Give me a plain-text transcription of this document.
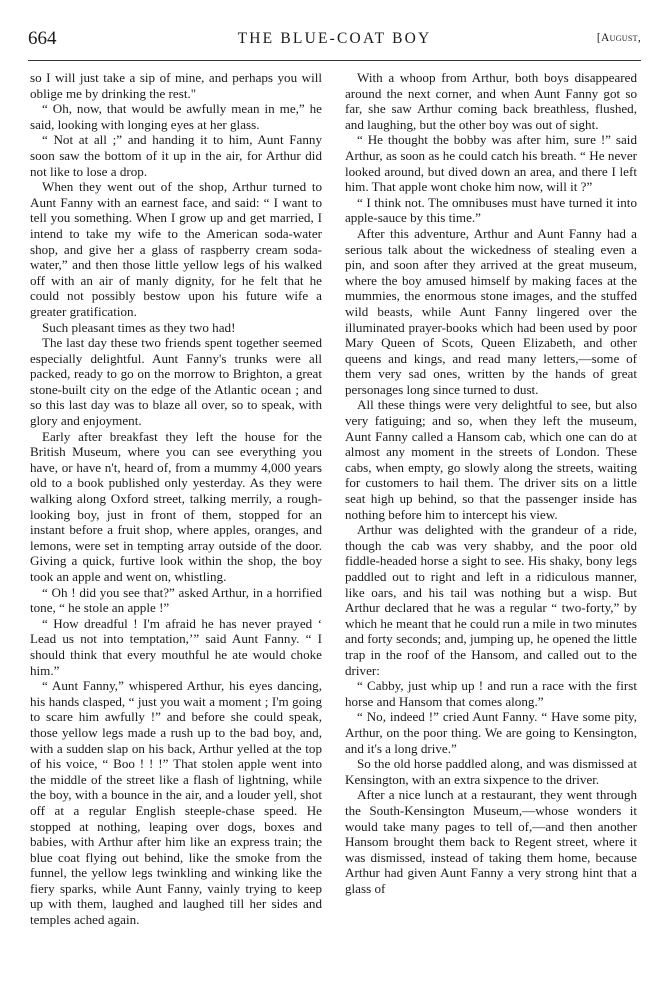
664	THE BLUE-COAT BOY	[August,

so I will just take a sip of mine, and perhaps you will oblige me by drinking the rest."

“ Oh, now, that would be awfully mean in me,” he said, looking with longing eyes at her glass.

“ Not at all ;” and handing it to him, Aunt Fanny soon saw the bottom of it up in the air, for Arthur did not like to lose a drop.

When they went out of the shop, Arthur turned to Aunt Fanny with an earnest face, and said: “ I want to tell you something. When I grow up and get married, I intend to take my wife to the American soda-water shop, and give her a glass of raspberry cream soda-water,” and then those little yellow legs of his walked off with an air of manly dignity, for he felt that he could not possibly bestow upon his future wife a greater gratification.

Such pleasant times as they two had!

The last day these two friends spent together seemed especially delightful. Aunt Fanny's trunks were all packed, ready to go on the morrow to Brighton, a great stone-built city on the edge of the Atlantic ocean ; and so this last day was to blaze all over, so to speak, with glory and enjoyment.

Early after breakfast they left the house for the British Museum, where you can see everything you have, or have n't, heard of, from a mummy 4,000 years old to a book published only yesterday. As they were walking along Oxford street, talking merrily, a rough-looking boy, just in front of them, stopped for an instant before a fruit shop, where apples, oranges, and lemons, were set in tempting array outside of the door. Giving a quick, furtive look within the shop, the boy took an apple and went on, whistling.

“ Oh ! did you see that?” asked Arthur, in a horrified tone, “ he stole an apple !”

“ How dreadful ! I'm afraid he has never prayed ‘ Lead us not into temptation,’” said Aunt Fanny. “ I should think that every mouthful he ate would choke him.”

“ Aunt Fanny,” whispered Arthur, his eyes dancing, his hands clasped, “ just you wait a moment ; I'm going to scare him awfully !” and before she could speak, those yellow legs made a rush up to the bad boy, and, with a sudden slap on his back, Arthur yelled at the top of his voice, “ Boo ! ! !” That stolen apple went into the middle of the street like a flash of lightning, while the boy, with a bounce in the air, and a louder yell, shot off at a regular English steeple-chase speed. He stopped at nothing, leaping over dogs, boxes and babies, with Arthur after him like an express train; the blue coat flying out behind, like the smoke from the funnel, the yellow legs twinkling and winking like the fiery sparks, while Aunt Fanny, vainly trying to keep up with them, laughed and laughed till her sides and temples ached again.

With a whoop from Arthur, both boys disappeared around the next corner, and when Aunt Fanny got so far, she saw Arthur coming back breathless, flushed, and laughing, but the other boy was out of sight.

“ He thought the bobby was after him, sure !” said Arthur, as soon as he could catch his breath. “ He never looked around, but dived down an area, and there I left him. That apple wont choke him now, will it ?”

“ I think not. The omnibuses must have turned it into apple-sauce by this time.”

After this adventure, Arthur and Aunt Fanny had a serious talk about the wickedness of stealing even a pin, and soon after they arrived at the great museum, where the boy amused himself by making faces at the mummies, the enormous stone images, and the stuffed wild beasts, while Aunt Fanny lingered over the illuminated prayer-books which had been used by poor Mary Queen of Scots, Queen Elizabeth, and other queens and kings, and read many letters,—some of them very sad ones, written by the hands of great personages long since turned to dust.

All these things were very delightful to see, but also very fatiguing; and so, when they left the museum, Aunt Fanny called a Hansom cab, which one can do at almost any moment in the streets of London. These cabs, when empty, go slowly along the streets, waiting for customers to hail them. The driver sits on a little seat high up behind, so that the passenger inside has nothing before him to intercept his view.

Arthur was delighted with the grandeur of a ride, though the cab was very shabby, and the poor old fiddle-headed horse a sight to see. His shaky, bony legs paddled out to right and left in a ridiculous manner, like oars, and his tail was nothing but a wisp. But Arthur declared that he was a regular “ two-forty,” by which he meant that he could run a mile in two minutes and forty seconds; and, jumping up, he opened the little trap in the roof of the Hansom, and called out to the driver:

“ Cabby, just whip up ! and run a race with the first horse and Hansom that comes along.”

“ No, indeed !” cried Aunt Fanny. “ Have some pity, Arthur, on the poor thing. We are going to Kensington, and it's a long drive.”

So the old horse paddled along, and was dismissed at Kensington, with an extra sixpence to the driver.

After a nice lunch at a restaurant, they went through the South-Kensington Museum,—whose wonders it would take many pages to tell of,—and then another Hansom brought them back to Regent street, where it was dismissed, instead of taking them home, because Arthur had given Aunt Fanny a very strong hint that a glass of
